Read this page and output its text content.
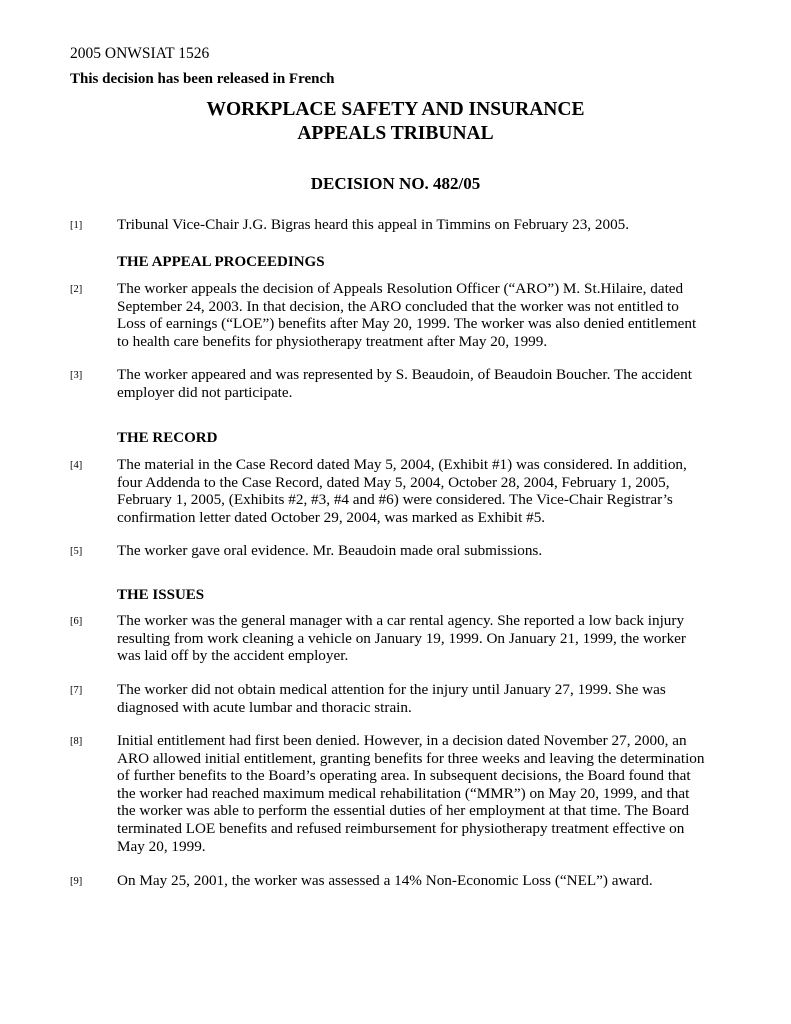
2005 ONWSIAT 1526
This decision has been released in French
WORKPLACE SAFETY AND INSURANCE
APPEALS TRIBUNAL
DECISION NO. 482/05
[1] Tribunal Vice-Chair J.G. Bigras heard this appeal in Timmins on February 23, 2005.
THE APPEAL PROCEEDINGS
[2] The worker appeals the decision of Appeals Resolution Officer (“ARO”) M. St.Hilaire, dated
September 24, 2003. In that decision, the ARO concluded that the worker was not entitled to
Loss of earnings (“LOE”) benefits after May 20, 1999. The worker was also denied entitlement
to health care benefits for physiotherapy treatment after May 20, 1999.
[3] The worker appeared and was represented by S. Beaudoin, of Beaudoin Boucher. The accident
employer did not participate.
THE RECORD
[4] The material in the Case Record dated May 5, 2004, (Exhibit #1) was considered. In addition,
four Addenda to the Case Record, dated May 5, 2004, October 28, 2004, February 1, 2005,
February 1, 2005, (Exhibits #2, #3, #4 and #6) were considered. The Vice-Chair Registrar’s
confirmation letter dated October 29, 2004, was marked as Exhibit #5.
[5] The worker gave oral evidence. Mr. Beaudoin made oral submissions.
THE ISSUES
[6] The worker was the general manager with a car rental agency. She reported a low back injury
resulting from work cleaning a vehicle on January 19, 1999. On January 21, 1999, the worker
was laid off by the accident employer.
[7] The worker did not obtain medical attention for the injury until January 27, 1999. She was
diagnosed with acute lumbar and thoracic strain.
[8] Initial entitlement had first been denied. However, in a decision dated November 27, 2000, an
ARO allowed initial entitlement, granting benefits for three weeks and leaving the determination
of further benefits to the Board’s operating area. In subsequent decisions, the Board found that
the worker had reached maximum medical rehabilitation (“MMR”) on May 20, 1999, and that
the worker was able to perform the essential duties of her employment at that time. The Board
terminated LOE benefits and refused reimbursement for physiotherapy treatment effective on
May 20, 1999.
[9] On May 25, 2001, the worker was assessed a 14% Non-Economic Loss (“NEL”) award.
